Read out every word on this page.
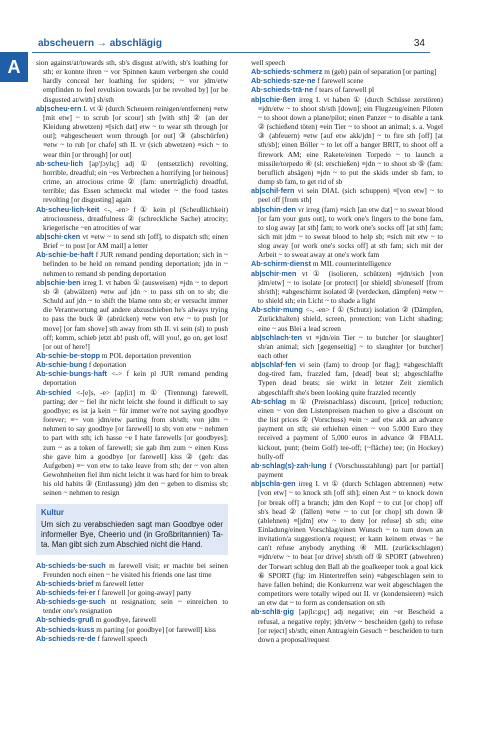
abscheuern → abschlägig	34
A	sion against/at/towards sth, sb's disgust at/with, sb's loathing for sth; er konnte ihren ~ vor Spinnen kaum verbergen she could hardly conceal her loathing for spiders; ~ vor jdm/etw empfinden to feel revulsion towards [or be revolted by] [or be disgusted at/with] sb/sth

ab|scheu·ern I. vt ① (durch Scheuern reinigen/entfernen) ≡etw [mit etw] ~ to scrub [or scour] sth [with sth] ② (an der Kleidung abwetzen) ≡[sich dat] etw ~ to wear sth through [or out]; ≡abgescheuert worn through [or out] ③ (abschürfen) ≡etw ~ to rub [or chafe] sth II. vr (sich abwetzen) ≡sich ~ to wear thin [or through] [or out]

ab·scheu·lich [ap'ʃɔylɪç] adj ① (entsetzlich) revolting, horrible, dreadful; ein ~es Verbrechen a horrifying [or heinous] crime, an atrocious crime ② (fam: unerträglich) dreadful, terrible; das Essen schmeckt mal wieder ~ the food tastes revolting [or disgusting] again

Ab·scheu·lich·keit <-, -en> f ① kein pl (Scheußlichkeit) atrociousness, dreadfulness ② (schreckliche Sache) atrocity; kriegerische ~en atrocities of war

ab|schi·cken vt ≡etw ~ to send sth [off], to dispatch sth; einen Brief ~ to post [or AM mail] a letter

Ab·schie·be·haft f JUR remand pending deportation; sich in ~ befinden to be held on remand pending deportation; jdn in ~ nehmen to remand sb pending deportation

ab|schie·ben irreg I. vt haben ① (ausweisen) ≡jdn ~ to deport sb ② (abwälzen) ≡etw auf jdn ~ to pass sth on to sb; die Schuld auf jdn ~ to shift the blame onto sb; er versucht immer die Verantwortung auf andere abzuschieben he's always trying to pass the buck ③ (abrücken) ≡etw von etw ~ to push [or move] [or fam shove] sth away from sth II. vi sein (sl) to push off; komm, schieb jetzt ab! push off, will you!, go on, get lost! [or out of here!]

Ab·schie·be·stopp m POL deportation prevention

Ab·schie·bung f deportation

Ab·schie·bungs·haft <-> f kein pl JUR remand pending deportation

Ab·schied <-[e]s, -e> [apʃi:t] m ① (Trennung) farewell, parting; der ~ fiel ihr nicht leicht she found it difficult to say goodbye; es ist ja kein ~ für immer we're not saying goodbye forever; ≡~ von jdm/etw parting from sb/sth; von jdm ~ nehmen to say goodbye [or farewell] to sb; von etw ~ nehmen to part with sth; ich hasse ~e I hate farewells [or goodbyes]; zum ~ as a token of farewell; sie gab ihm zum ~ einen Kuss she gave him a goodbye [or farewell] kiss ② (geh: das Aufgeben) ≡~ von etw to take leave from sth; der ~ von alten Gewohnheiten fiel ihm nicht leicht it was hard for him to break his old habits ③ (Entlassung) jdm den ~ geben to dismiss sb; seinen ~ nehmen to resign

Kultur
Um sich zu verabschieden sagt man Goodbye oder informeller Bye, Cheerio und (in Großbritannien) Ta-ta. Man gibt sich zum Abschied nicht die Hand.

Ab·schieds·be·such m farewell visit; er machte bei seinen Freunden noch einen ~ he visited his friends one last time

Ab·schieds·brief m farewell letter

Ab·schieds·fei·er f farewell [or going-away] party

Ab·schieds·ge·such nt resignation; sein ~ einreichen to tender one's resignation

Ab·schieds·gruß m goodbye, farewell

Ab·schieds·kuss m parting [or goodbye] [or farewell] kiss

Ab·schieds·re·de f farewell speech

well speech

Ab·schieds·schmerz m (geh) pain of separation [or parting]

Ab·schieds·sze·ne f farewell scene

Ab·schieds·trä·ne f tears of farewell pl

ab|schie·ßen irreg I. vt haben ① (durch Schüsse zerstören) ≡jdn/etw ~ to shoot sb/sth [down]; ein Flugzeug/einen Piloten ~ to shoot down a plane/pilot; einen Panzer ~ to disable a tank ② (schießend töten) ≡ein Tier ~ to shoot an animal; s. a. Vogel ③ (abfeuern) ≡etw [auf etw akk/jdn] ~ to fire sth [off] [at sth/sb]; einen Böller ~ to let off a banger BRIT, to shoot off a firework AM; eine Rakete/einen Torpedo ~ to launch a missile/torpedo ④ (sl: erschießen) ≡jdn ~ to shoot sb ⑤ (fam: beruflich absägen) ≡jdn ~ to put the skids under sb fam, to dump sb fam, to get rid of sb

ab|schil·fern vi sein DIAL (sich schuppen) ≡[von etw] ~ to peel off [from sth]

ab|schin·den vr irreg (fam) ≡sich [an etw dat] ~ to sweat blood [or fam your guts out], to work one's fingers to the bone fam, to slog away [at sth] fam; to work one's socks off [at sth] fam; sich mit jdm ~ to sweat blood to help sb; ≡sich mit etw ~ to slog away [or work one's socks off] at sth fam; sich mit der Arbeit ~ to sweat away at one's work fam

Ab·schirm·dienst m MIL counterintelligence

ab|schir·men vt ① (isolieren, schützen) ≡jdn/sich [von jdm/etw] ~ to isolate [or protect] [or shield] sb/oneself [from sb/sth]; ≡abgeschirmt isolated ② (verdecken, dämpfen) ≡etw ~ to shield sth; ein Licht ~ to shade a light

Ab·schir·mung <-, -en> f ① (Schutz) isolation ② (Dämpfen, Zurückhalten) shield, screen, protection; von Licht shading; eine ~ aus Blei a lead screen

ab|schlach·ten vt ≡jdn/ein Tier ~ to butcher [or slaughter] sb/an animal; sich [gegenseitig] ~ to slaughter [or butcher] each other

ab|schlaf·fen vi sein (fam) to droop [or flag]; ≡abgeschlafft dog-tired fam, frazzled fam, [dead] beat sl; abgeschlaffte Typen dead beats; sie wirkt in letzter Zeit ziemlich abgeschlafft she's been looking quite frazzled recently

Ab·schlag m ① (Preisnachlass) discount, [price] reduction; einen ~ von den Listenpreisen machen to give a discount on the list prices ② (Vorschuss) ≡ein ~ auf etw akk an advance payment on sth; sie erhielten einen ~ von 5.000 Euro they received a payment of 5,000 euros in advance ③ FBALL kickout, punt; (beim Golf) tee-off; (~fläche) tee; (in Hockey) bully-off

ab·schlag(s)·zah·lung f (Vorschusszahlung) part [or partial] payment

ab|schla·gen irreg I. vt ① (durch Schlagen abtrennen) ≡etw [von etw] ~ to knock sth [off sth]; einen Ast ~ to knock down [or break off] a branch; jdm den Kopf ~ to cut [or chop] off sb's head ② (fällen) ≡etw ~ to cut [or chop] sth down ③ (ablehnen) ≡[jdm] etw ~ to deny [or refuse] sb sth; eine Einladung/einen Vorschlag/einen Wunsch ~ to turn down an invitation/a suggestion/a request; er kann keinem etwas ~ he can't refuse anybody anything ④ MIL (zurückschlagen) ≡jdn/etw ~ to beat [or drive] sb/sth off ⑤ SPORT (abwehren) der Torwart schlug den Ball ab the goalkeeper took a goal kick ⑥ SPORT (fig: im Hintertreffen sein) ≡abgeschlagen sein to have fallen behind; die Konkurrenz war weit abgeschlagen the competitors were totally wiped out II. vr (kondensieren) ≡sich an etw dat ~ to form as condensation on sth

ab·schlä·gig [apʃlɛ:gɪç] adj negative; ein ~er Bescheid a refusal, a negative reply; jdn/etw ~ bescheiden (geh) to refuse [or reject] sb/sth; einen Antrag/ein Gesuch ~ bescheiden to turn down a proposal/request
